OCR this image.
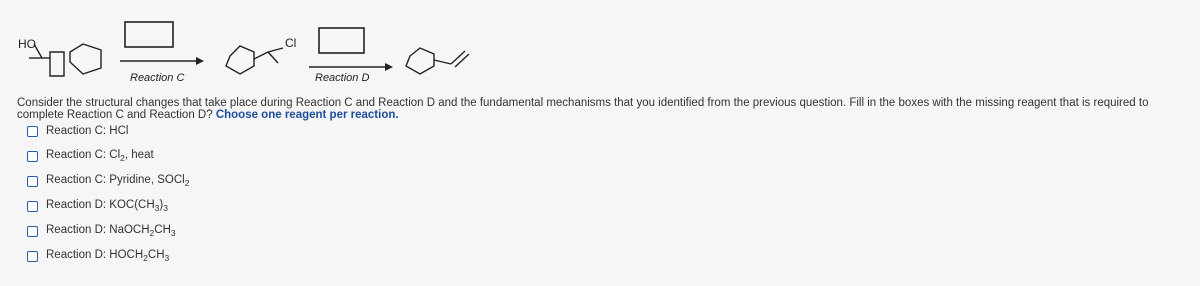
HO
Reaction C
Cl
Reaction D
Consider the structural changes that take place during Reaction C and Reaction D and the fundamental mechanisms that you identified from the previous question. Fill in the boxes with the missing reagent that is required to complete Reaction C and Reaction D? Choose one reagent per reaction.
Reaction C: HCl
Reaction C: $Cl_2$, heat
Reaction C: Pyridine, SOCl$_2$
Reaction D: $KOC(CH_3)_3$
Reaction D: $NaOCH_2CH_3$
Reaction D: $HOCH_2CH_3$
